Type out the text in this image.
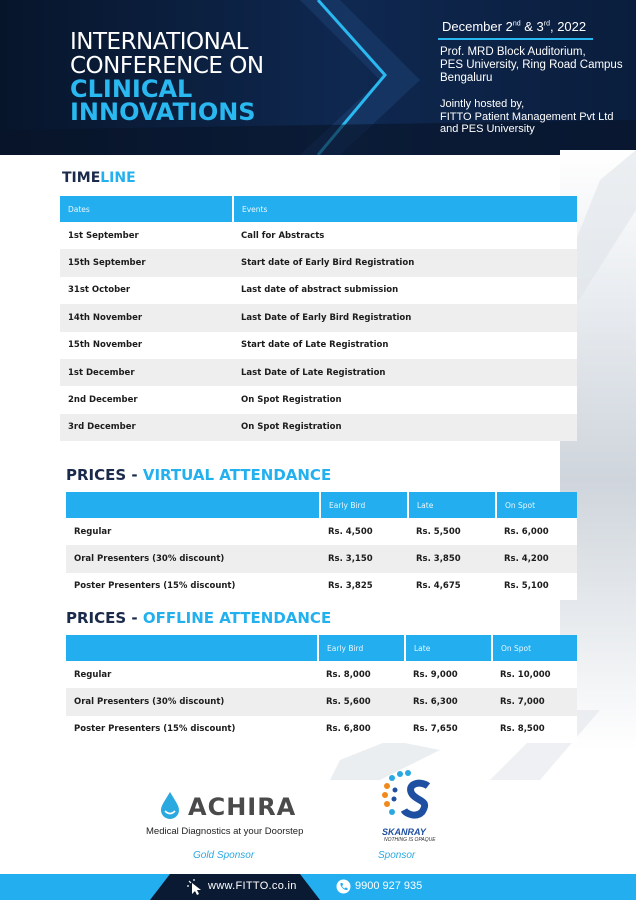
INTERNATIONAL
CONFERENCE ON
CLINICAL
INNOVATIONS
December 2nd & 3rd, 2022
Prof. MRD Block Auditorium,
PES University, Ring Road Campus
Bengaluru
Jointly hosted by,
FITTO Patient Management Pvt Ltd
and PES University
TIMELINE
Dates	Events
1st September	Call for Abstracts
15th September	Start date of Early Bird Registration
31st October	Last date of abstract submission
14th November	Last Date of Early Bird Registration
15th November	Start date of Late Registration
1st December	Last Date of Late Registration
2nd December	On Spot Registration
3rd December	On Spot Registration
PRICES - VIRTUAL ATTENDANCE
	Early Bird	Late	On Spot
Regular	Rs. 4,500	Rs. 5,500	Rs. 6,000
Oral Presenters (30% discount)	Rs. 3,150	Rs. 3,850	Rs. 4,200
Poster Presenters (15% discount)	Rs. 3,825	Rs. 4,675	Rs. 5,100
PRICES - OFFLINE ATTENDANCE
	Early Bird	Late	On Spot
Regular	Rs. 8,000	Rs. 9,000	Rs. 10,000
Oral Presenters (30% discount)	Rs. 5,600	Rs. 6,300	Rs. 7,000
Poster Presenters (15% discount)	Rs. 6,800	Rs. 7,650	Rs. 8,500
ACHIRA
Medical Diagnostics at your Doorstep
Gold Sponsor
SKANRAY
NOTHING IS OPAQUE
Sponsor
www.FITTO.co.in	9900 927 935
